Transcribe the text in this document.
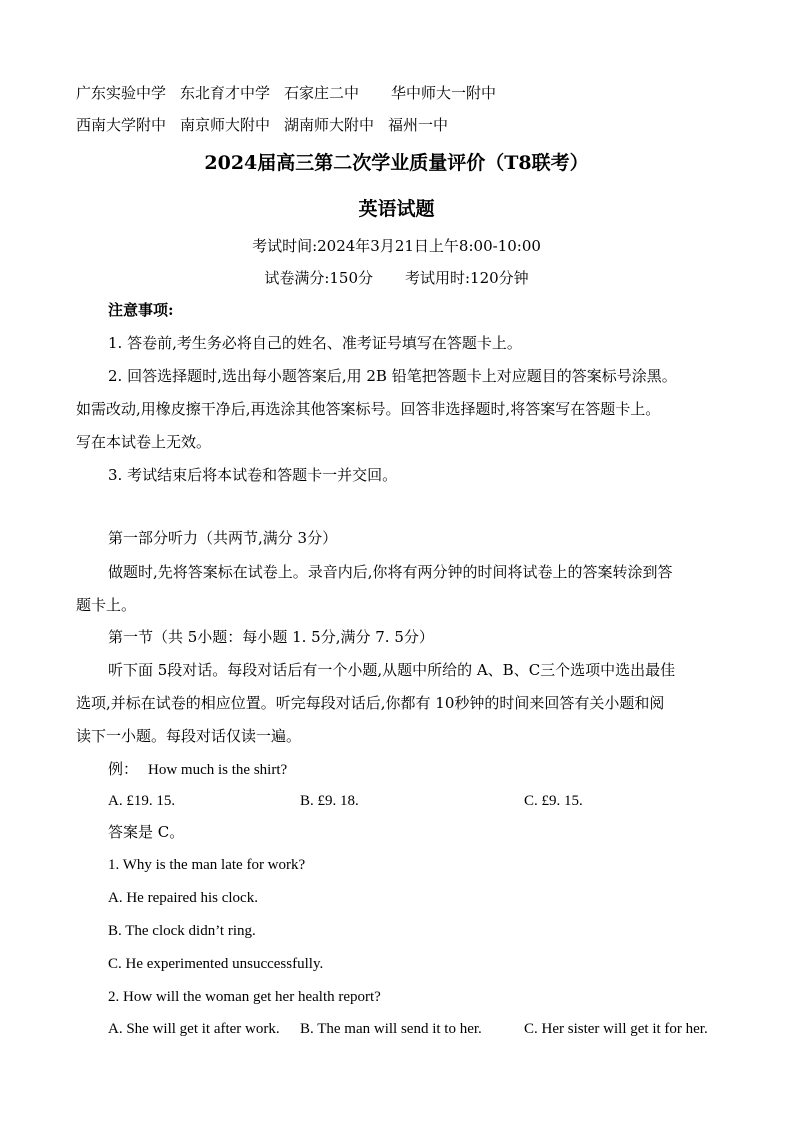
广东实验中学 东北育才中学 石家庄二中 华中师大一附中
西南大学附中 南京师大附中 湖南师大附中 福州一中
2024届高三第二次学业质量评价（T8联考）
英语试题
考试时间:2024年3月21日上午8:00-10:00
试卷满分:150分 考试用时:120分钟
注意事项:
1. 答卷前,考生务必将自己的姓名、准考证号填写在答题卡上。
2. 回答选择题时,选出每小题答案后,用 2B 铅笔把答题卡上对应题目的答案标号涂黑。
如需改动,用橡皮擦干净后,再选涂其他答案标号。回答非选择题时,将答案写在答题卡上。
写在本试卷上无效。
3. 考试结束后将本试卷和答题卡一并交回。
第一部分听力（共两节,满分 3分）
做题时,先将答案标在试卷上。录音内后,你将有两分钟的时间将试卷上的答案转涂到答
题卡上。
第一节（共 5小题：每小题 1. 5分,满分 7. 5分）
听下面 5段对话。每段对话后有一个小题,从题中所给的 A、B、C三个选项中选出最佳
选项,并标在试卷的相应位置。听完每段对话后,你都有 10秒钟的时间来回答有关小题和阅
读下一小题。每段对话仅读一遍。
例： How much is the shirt?
A. £19. 15.	B. £9. 18.	C. £9. 15.
答案是 C。
1. Why is the man late for work?
A. He repaired his clock.
B. The clock didn’t ring.
C. He experimented unsuccessfully.
2. How will the woman get her health report?
A. She will get it after work. B. The man will send it to her.	C. Her sister will get it for her.
